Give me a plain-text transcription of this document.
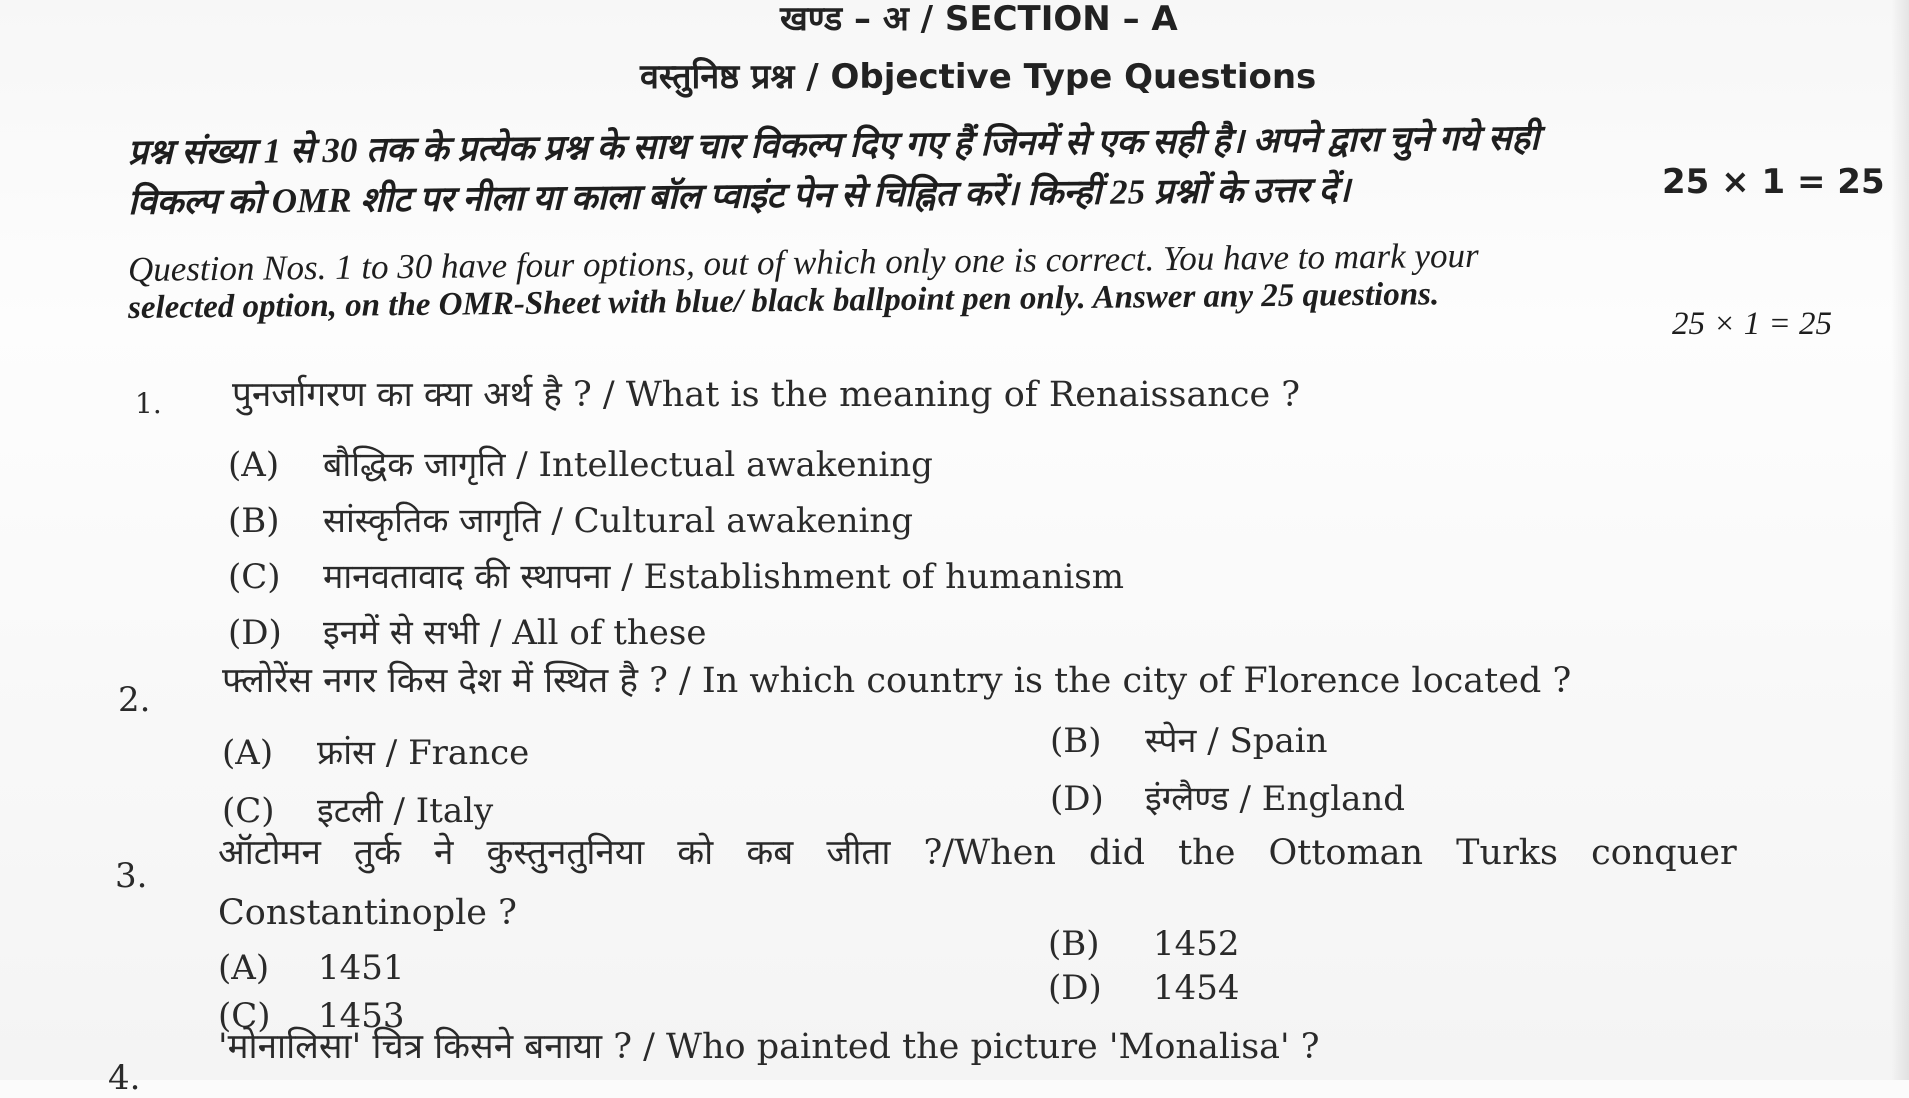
खण्ड – अ / SECTION – A
वस्तुनिष्ठ प्रश्न / Objective Type Questions
प्रश्न संख्या 1 से 30 तक के प्रत्येक प्रश्न के साथ चार विकल्प दिए गए हैं जिनमें से एक सही है। अपने द्वारा चुने गये सही
विकल्प को OMR शीट पर नीला या काला बॉल प्वाइंट पेन से चिह्नित करें। किन्हीं 25 प्रश्नों के उत्तर दें।	25 × 1 = 25
Question Nos. 1 to 30 have four options, out of which only one is correct. You have to mark your
selected option, on the OMR-Sheet with blue/ black ballpoint pen only. Answer any 25 questions.	25 × 1 = 25
1. पुनर्जागरण का क्या अर्थ है ? / What is the meaning of Renaissance ?
(A) बौद्धिक जागृति / Intellectual awakening
(B) सांस्कृतिक जागृति / Cultural awakening
(C) मानवतावाद की स्थापना / Establishment of humanism
(D) इनमें से सभी / All of these
2. फ्लोरेंस नगर किस देश में स्थित है ? / In which country is the city of Florence located ?
(A) फ्रांस / France	(B) स्पेन / Spain
(C) इटली / Italy	(D) इंग्लैण्ड / England
3.
ऑटोमन तुर्क ने कुस्तुनतुनिया को कब जीता ?/When did the Ottoman Turks conquer
Constantinople ?
(A) 1451
(B) 1452
(C) 1453
(D) 1454
4.
'मोनालिसा' चित्र किसने बनाया ? / Who painted the picture 'Monalisa' ?
